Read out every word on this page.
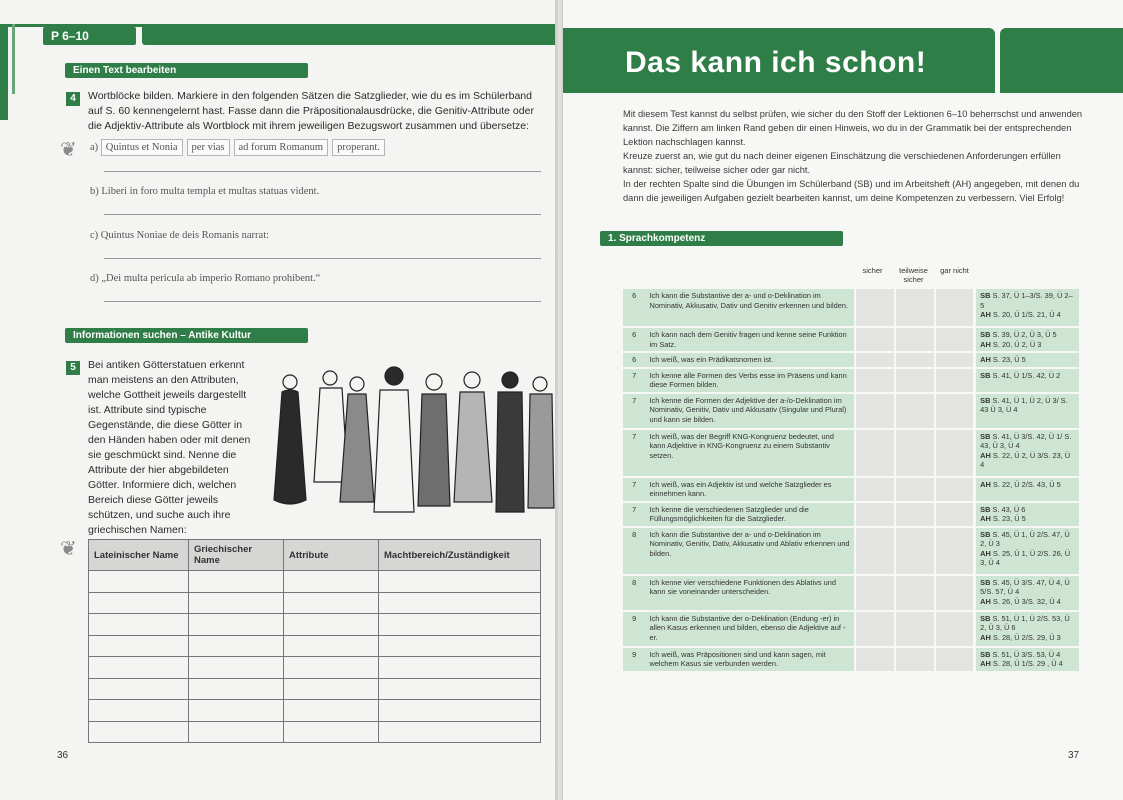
P 6–10
Einen Text bearbeiten
4	Wortblöcke bilden. Markiere in den folgenden Sätzen die Satzglieder, wie du es im Schülerband auf S. 60 kennengelernt hast. Fasse dann die Präpositionalausdrücke, die Genitiv-Attribute oder die Adjektiv-Attribute als Wortblock mit ihrem jeweiligen Bezugswort zusammen und übersetze:
❦ a) Quintus et Nonia per vias ad forum Romanum properant.
b) Liberi in foro multa templa et multas statuas vident.
c) Quintus Noniae de deis Romanis narrat:
d) „Dei multa pericula ab imperio Romano prohibent.“
Informationen suchen – Antike Kultur
5	Bei antiken Götterstatuen erkennt man meistens an den Attributen, welche Gottheit jeweils dargestellt ist. Attribute sind typische Gegenstände, die diese Götter in den Händen haben oder mit denen sie geschmückt sind. Nenne die Attribute der hier abgebildeten Götter. Informiere dich, welchen Bereich diese Götter jeweils schützen, und suche auch ihre griechischen Namen:
❦ Lateinischer Name	Griechischer Name	Attribute	Machtbereich/Zuständigkeit

36
Das kann ich schon!
Mit diesem Test kannst du selbst prüfen, wie sicher du den Stoff der Lektionen 6–10 beherrschst und anwenden kannst. Die Ziffern am linken Rand geben dir einen Hinweis, wo du in der Grammatik bei der entsprechenden Lektion nachschlagen kannst.
Kreuze zuerst an, wie gut du nach deiner eigenen Einschätzung die verschiedenen Anforderungen erfüllen kannst: sicher, teilweise sicher oder gar nicht.
In der rechten Spalte sind die Übungen im Schülerband (SB) und im Arbeitsheft (AH) angegeben, mit denen du dann die jeweiligen Aufgaben gezielt bearbeiten kannst, um deine Kompetenzen zu verbessern. Viel Erfolg!
1. Sprachkompetenz
sicher	teilweise sicher
gar nicht
6	Ich kann die Substantive der a- und o-Deklination im Nominativ, Akkusativ, Dativ und Genitiv erkennen und bilden.				SB S. 37, Ü 1–3/S. 39, Ü 2–5
AH S. 20, Ü 1/S. 21, Ü 4

6	Ich kann nach dem Genitiv fragen und kenne seine Funktion im Satz.				SB S. 39, Ü 2, Ü 3, Ü 5
AH S. 20, Ü 2, Ü 3

6	Ich weiß, was ein Prädikatsnomen ist.				AH S. 23, Ü 5

7	Ich kenne alle Formen des Verbs esse im Präsens und kann diese Formen bilden.				SB S. 41, Ü 1/S. 42, Ü 2

7	Ich kenne die Formen der Adjektive der a-/o-Deklination im Nominativ, Genitiv, Dativ und Akkusativ (Singular und Plural) und kann sie bilden.				SB S. 41, Ü 1, Ü 2, Ü 3/ S. 43 Ü 3, Ü 4

7	Ich weiß, was der Begriff KNG-Kongruenz bedeutet, und kann Adjektive in KNG-Kongruenz zu einem Substantiv setzen.				SB S. 41, Ü 3/S. 42, Ü 1/ S. 43, Ü 3, Ü 4
AH S. 22, Ü 2, Ü 3/S. 23, Ü 4

7	Ich weiß, was ein Adjektiv ist und welche Satzglieder es einnehmen kann.				AH S. 22, Ü 2/S. 43, Ü 5

7	Ich kenne die verschiedenen Satzglieder und die Füllungsmöglichkeiten für die Satzglieder.				SB S. 43, Ü 6
AH S. 23, Ü 5

8	Ich kann die Substantive der a- und o-Deklination im Nominativ, Genitiv, Dativ, Akkusativ und Ablativ erkennen und bilden.				SB S. 45, Ü 1, Ü 2/S. 47, Ü 2, Ü 3
AH S. 25, Ü 1, Ü 2/S. 26, Ü 3, Ü 4

8	Ich kenne vier verschiedene Funktionen des Ablativs und kann sie voneinander unterscheiden.				SB S. 45, Ü 3/S. 47, Ü 4, Ü 5/S. 57, Ü 4
AH S. 26, Ü 3/S. 32, Ü 4

9	Ich kann die Substantive der o-Deklination (Endung -er) in allen Kasus erkennen und bilden, ebenso die Adjektive auf -er.				SB S. 51, Ü 1, Ü 2/S. 53, Ü 2, Ü 3, Ü 6
AH S. 28, Ü 2/S. 29, Ü 3

9	Ich weiß, was Präpositionen sind und kann sagen, mit welchem Kasus sie verbunden werden.				SB S. 51, Ü 3/S. 53, Ü 4
AH S. 28, Ü 1/S. 29 , Ü 4
37
